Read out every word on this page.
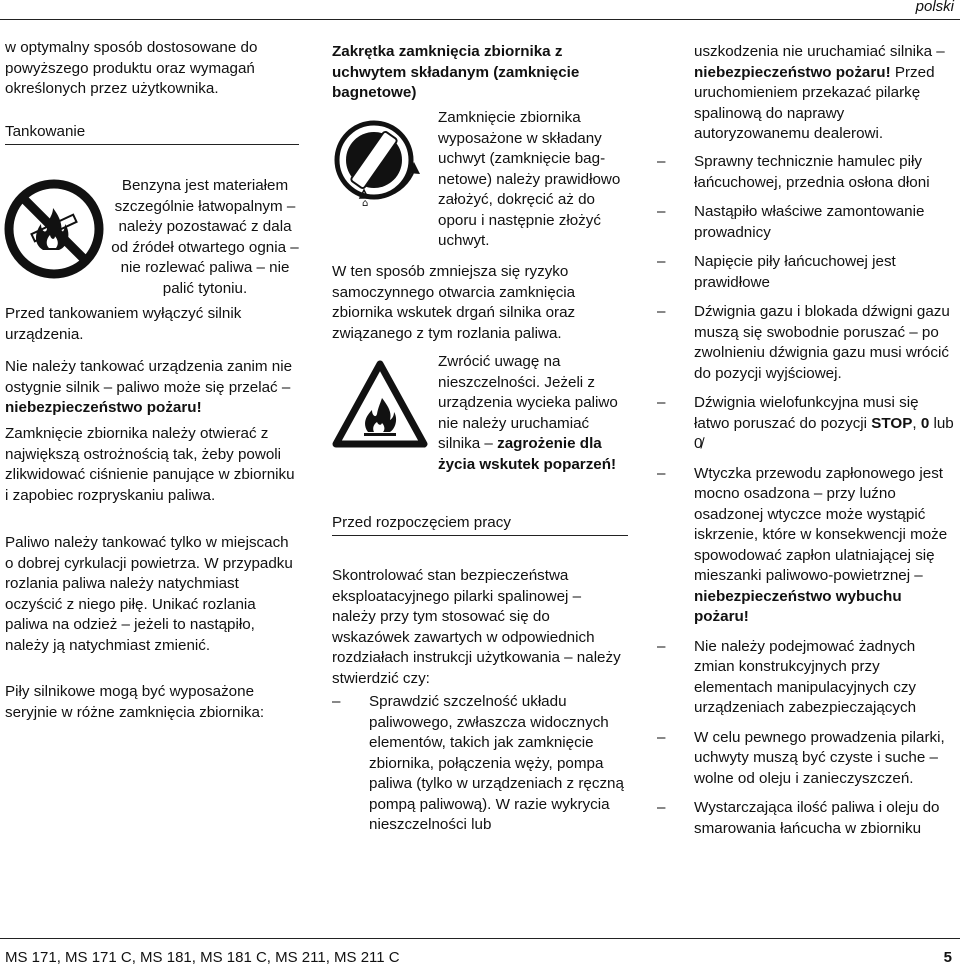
polski
MS 171, MS 171 C, MS 181, MS 181 C, MS 211, MS 211 C	5

w optymalny sposób dostosowane do powyższego produktu oraz wymagań określonych przez użytkownika.

Tankowanie

Benzyna jest materiałem szczególnie łatwopalnym – należy pozostawać z dala od źródeł otwartego ognia – nie rozlewać paliwa – nie palić tytoniu.

Przed tankowaniem wyłączyć silnik urządzenia.

Nie należy tankować urządzenia zanim nie ostygnie silnik – paliwo może się przelać – niebezpieczeństwo pożaru!

Zamknięcie zbiornika należy otwierać z największą ostrożnością tak, żeby powoli zlikwidować ciśnienie panujące w zbiorniku i zapobiec rozpryskaniu paliwa.

Paliwo należy tankować tylko w miejscach o dobrej cyrkulacji powietrza. W przypadku rozlania paliwa należy natychmiast oczyścić z niego piłę. Unikać rozlania paliwa na odzież – jeżeli to nastąpiło, należy ją natychmiast zmienić.

Piły silnikowe mogą być wyposażone seryjnie w różne zamknięcia zbiornika:

Zakrętka zamknięcia zbiornika z uchwytem składanym (zamknięcie bagnetowe)

⌂

Zamknięcie zbiornika wyposażone w składany uchwyt (zamknięcie bag-netowe) należy prawidłowo założyć, dokręcić aż do oporu i następnie złożyć uchwyt.

W ten sposób zmniejsza się ryzyko samoczynnego otwarcia zamknięcia zbiornika wskutek drgań silnika oraz związanego z tym rozlania paliwa.

Zwrócić uwagę na nieszczelności. Jeżeli z urządzenia wycieka paliwo nie należy uruchamiać silnika – zagrożenie dla życia wskutek poparzeń!

Przed rozpoczęciem pracy

Skontrolować stan bezpieczeństwa eksploatacyjnego pilarki spalinowej – należy przy tym stosować się do wskazówek zawartych w odpowiednich rozdziałach instrukcji użytkowania – należy stwierdzić czy:

– Sprawdzić szczelność układu paliwowego, zwłaszcza widocznych elementów, takich jak zamknięcie zbiornika, połączenia węży, pompa paliwa (tylko w urządzeniach z ręczną pompą paliwową). W razie wykrycia nieszczelności lub

uszkodzenia nie uruchamiać silnika – niebezpieczeństwo pożaru! Przed uruchomieniem przekazać pilarkę spalinową do naprawy autoryzowanemu dealerowi.

– Sprawny technicznie hamulec piły łańcuchowej, przednia osłona dłoni
– Nastąpiło właściwe zamontowanie prowadnicy
– Napięcie piły łańcuchowej jest prawidłowe
– Dźwignia gazu i blokada dźwigni gazu muszą się swobodnie poruszać – po zwolnieniu dźwignia gazu musi wrócić do pozycji wyjściowej.
– Dźwignia wielofunkcyjna musi się łatwo poruszać do pozycji STOP, 0 lub 0̸
– Wtyczka przewodu zapłonowego jest mocno osadzona – przy luźno osadzonej wtyczce może wystąpić iskrzenie, które w konsekwencji może spowodować zapłon ulatniającej się mieszanki paliwowo-powietrznej – niebezpieczeństwo wybuchu pożaru!
– Nie należy podejmować żadnych zmian konstrukcyjnych przy elementach manipulacyjnych czy urządzeniach zabezpieczających
– W celu pewnego prowadzenia pilarki, uchwyty muszą być czyste i suche – wolne od oleju i zanieczyszczeń.
– Wystarczająca ilość paliwa i oleju do smarowania łańcucha w zbiorniku
